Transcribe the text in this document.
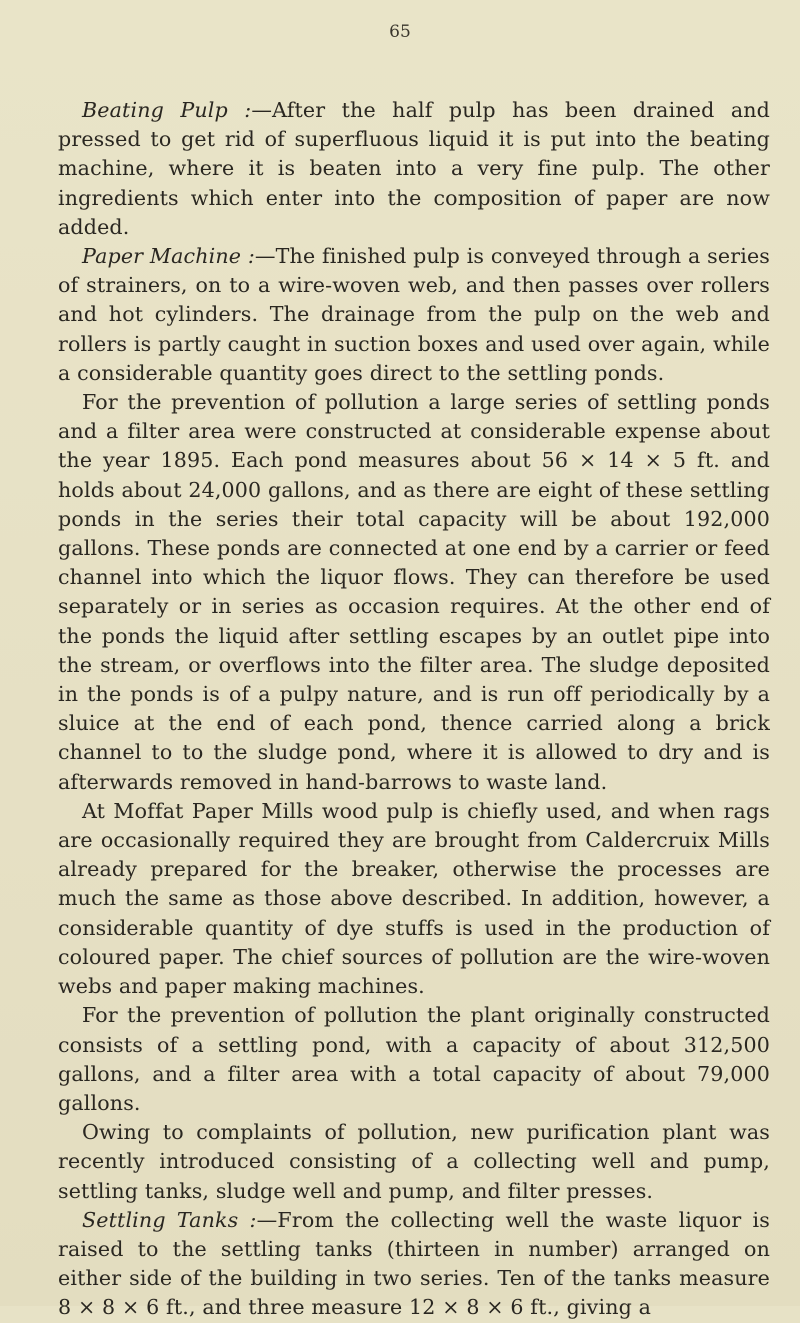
65

Beating Pulp :—After the half pulp has been drained and pressed to get rid of superfluous liquid it is put into the beating machine, where it is beaten into a very fine pulp. The other ingredients which enter into the composition of paper are now added.

Paper Machine :—The finished pulp is conveyed through a series of strainers, on to a wire-woven web, and then passes over rollers and hot cylinders. The drainage from the pulp on the web and rollers is partly caught in suction boxes and used over again, while a considerable quantity goes direct to the settling ponds.

For the prevention of pollution a large series of settling ponds and a filter area were constructed at considerable expense about the year 1895. Each pond measures about 56 × 14 × 5 ft. and holds about 24,000 gallons, and as there are eight of these settling ponds in the series their total capacity will be about 192,000 gallons. These ponds are connected at one end by a carrier or feed channel into which the liquor flows. They can therefore be used separately or in series as occasion requires. At the other end of the ponds the liquid after settling escapes by an outlet pipe into the stream, or overflows into the filter area. The sludge deposited in the ponds is of a pulpy nature, and is run off periodically by a sluice at the end of each pond, thence carried along a brick channel to to the sludge pond, where it is allowed to dry and is afterwards removed in hand-barrows to waste land.

At Moffat Paper Mills wood pulp is chiefly used, and when rags are occasionally required they are brought from Caldercruix Mills already prepared for the breaker, otherwise the processes are much the same as those above described. In addition, however, a considerable quantity of dye stuffs is used in the production of coloured paper. The chief sources of pollution are the wire-woven webs and paper making machines.

For the prevention of pollution the plant originally constructed consists of a settling pond, with a capacity of about 312,500 gallons, and a filter area with a total capacity of about 79,000 gallons.

Owing to complaints of pollution, new purification plant was recently introduced consisting of a collecting well and pump, settling tanks, sludge well and pump, and filter presses.

Settling Tanks :—From the collecting well the waste liquor is raised to the settling tanks (thirteen in number) arranged on either side of the building in two series. Ten of the tanks measure 8 × 8 × 6 ft., and three measure 12 × 8 × 6 ft., giving a
